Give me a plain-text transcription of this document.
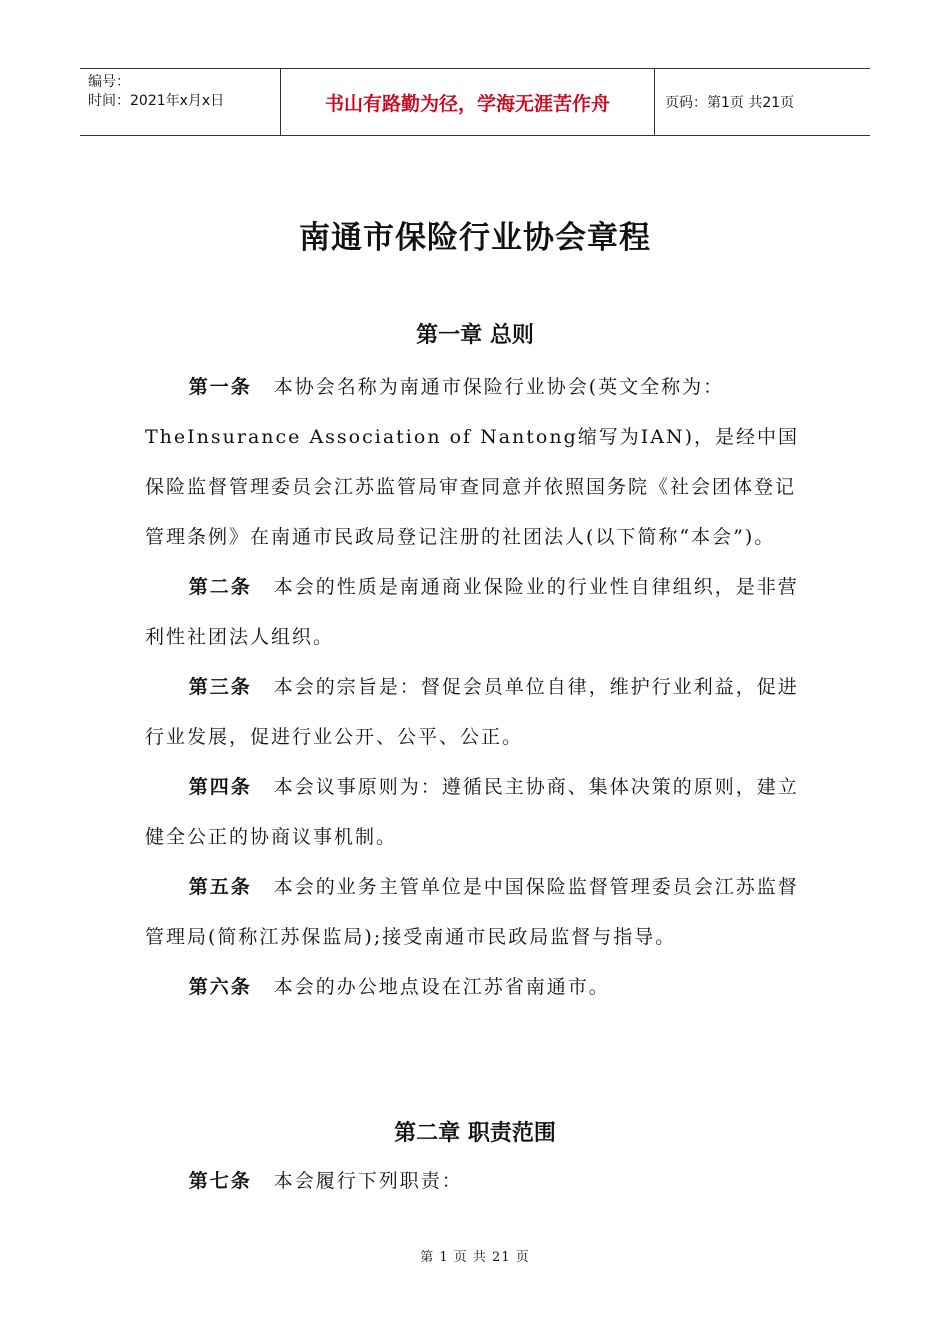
编号：
时间：2021年x月x日	书山有路勤为径，学海无涯苦作舟	页码：第1页 共21页
南通市保险行业协会章程
第一章 总则

第一条 本协会名称为南通市保险行业协会(英文全称为：TheInsurance Association of Nantong缩写为IAN)，是经中国保险监督管理委员会江苏监管局审查同意并依照国务院《社会团体登记管理条例》在南通市民政局登记注册的社团法人(以下简称“本会”)。

第二条 本会的性质是南通商业保险业的行业性自律组织，是非营利性社团法人组织。

第三条 本会的宗旨是：督促会员单位自律，维护行业利益，促进行业发展，促进行业公开、公平、公正。

第四条 本会议事原则为：遵循民主协商、集体决策的原则，建立健全公正的协商议事机制。

第五条 本会的业务主管单位是中国保险监督管理委员会江苏监督管理局(简称江苏保监局);接受南通市民政局监督与指导。

第六条 本会的办公地点设在江苏省南通市。

第二章 职责范围

第七条 本会履行下列职责：

第 1 页 共 21 页
